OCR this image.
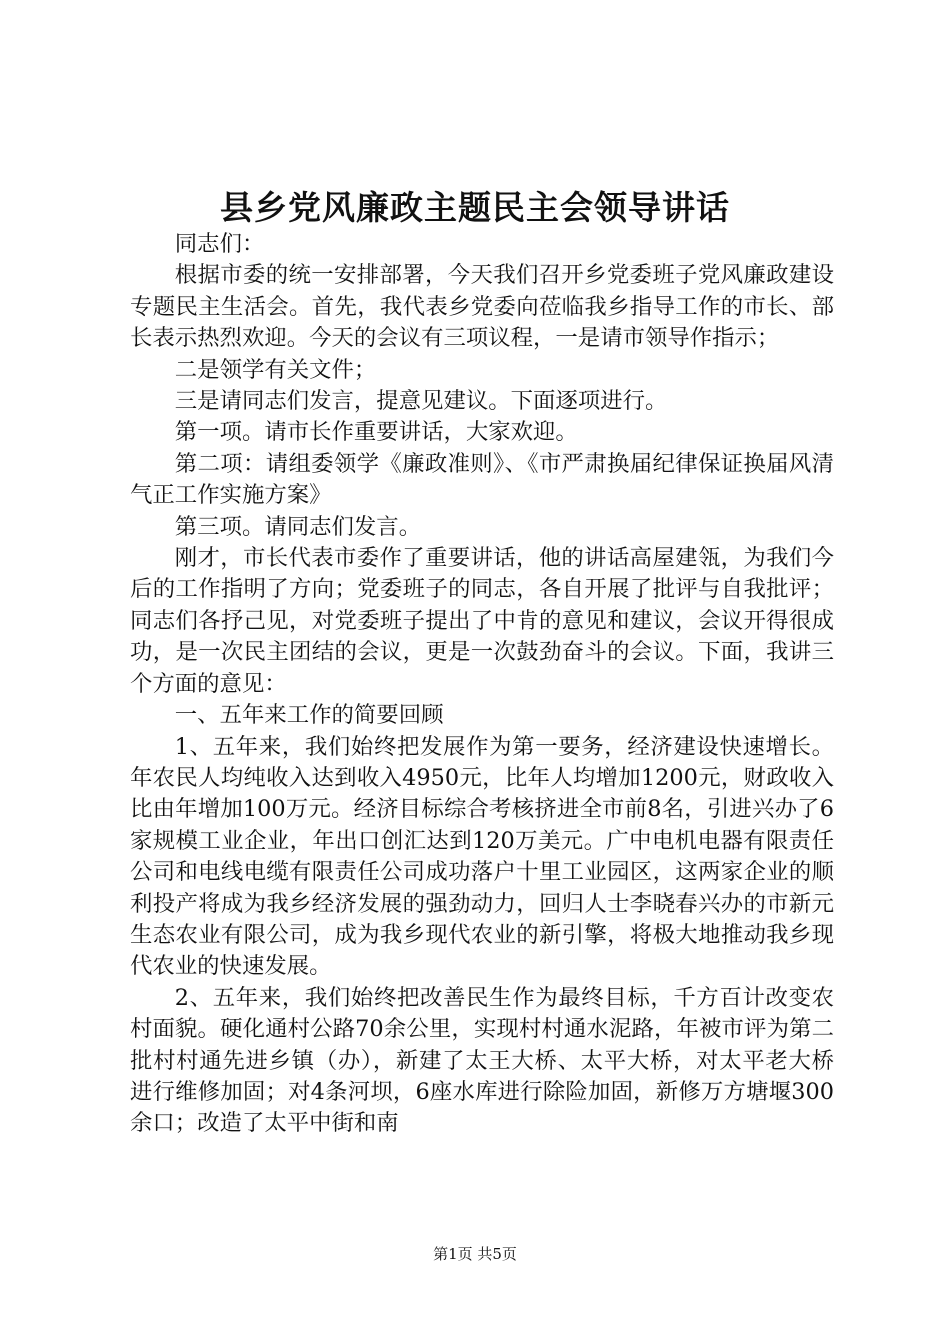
县乡党风廉政主题民主会领导讲话

同志们：

根据市委的统一安排部署，今天我们召开乡党委班子党风廉政建设专题民主生活会。首先，我代表乡党委向莅临我乡指导工作的市长、部长表示热烈欢迎。今天的会议有三项议程，一是请市领导作指示；

二是领学有关文件；

三是请同志们发言，提意见建议。下面逐项进行。

第一项。请市长作重要讲话，大家欢迎。

第二项：请组委领学《廉政准则》、《市严肃换届纪律保证换届风清气正工作实施方案》

第三项。请同志们发言。

刚才，市长代表市委作了重要讲话，他的讲话高屋建瓴，为我们今后的工作指明了方向；党委班子的同志，各自开展了批评与自我批评；同志们各抒己见，对党委班子提出了中肯的意见和建议，会议开得很成功，是一次民主团结的会议，更是一次鼓劲奋斗的会议。下面，我讲三个方面的意见：

一、五年来工作的简要回顾

1、五年来，我们始终把发展作为第一要务，经济建设快速增长。年农民人均纯收入达到收入4950元，比年人均增加1200元，财政收入比由年增加100万元。经济目标综合考核挤进全市前8名，引进兴办了6家规模工业企业，年出口创汇达到120万美元。广中电机电器有限责任公司和电线电缆有限责任公司成功落户十里工业园区，这两家企业的顺利投产将成为我乡经济发展的强劲动力，回归人士李晓春兴办的市新元生态农业有限公司，成为我乡现代农业的新引擎，将极大地推动我乡现代农业的快速发展。

2、五年来，我们始终把改善民生作为最终目标，千方百计改变农村面貌。硬化通村公路70余公里，实现村村通水泥路，年被市评为第二批村村通先进乡镇（办），新建了太王大桥、太平大桥，对太平老大桥进行维修加固；对4条河坝，6座水库进行除险加固，新修万方塘堰300余口；改造了太平中街和南

第1页 共5页
